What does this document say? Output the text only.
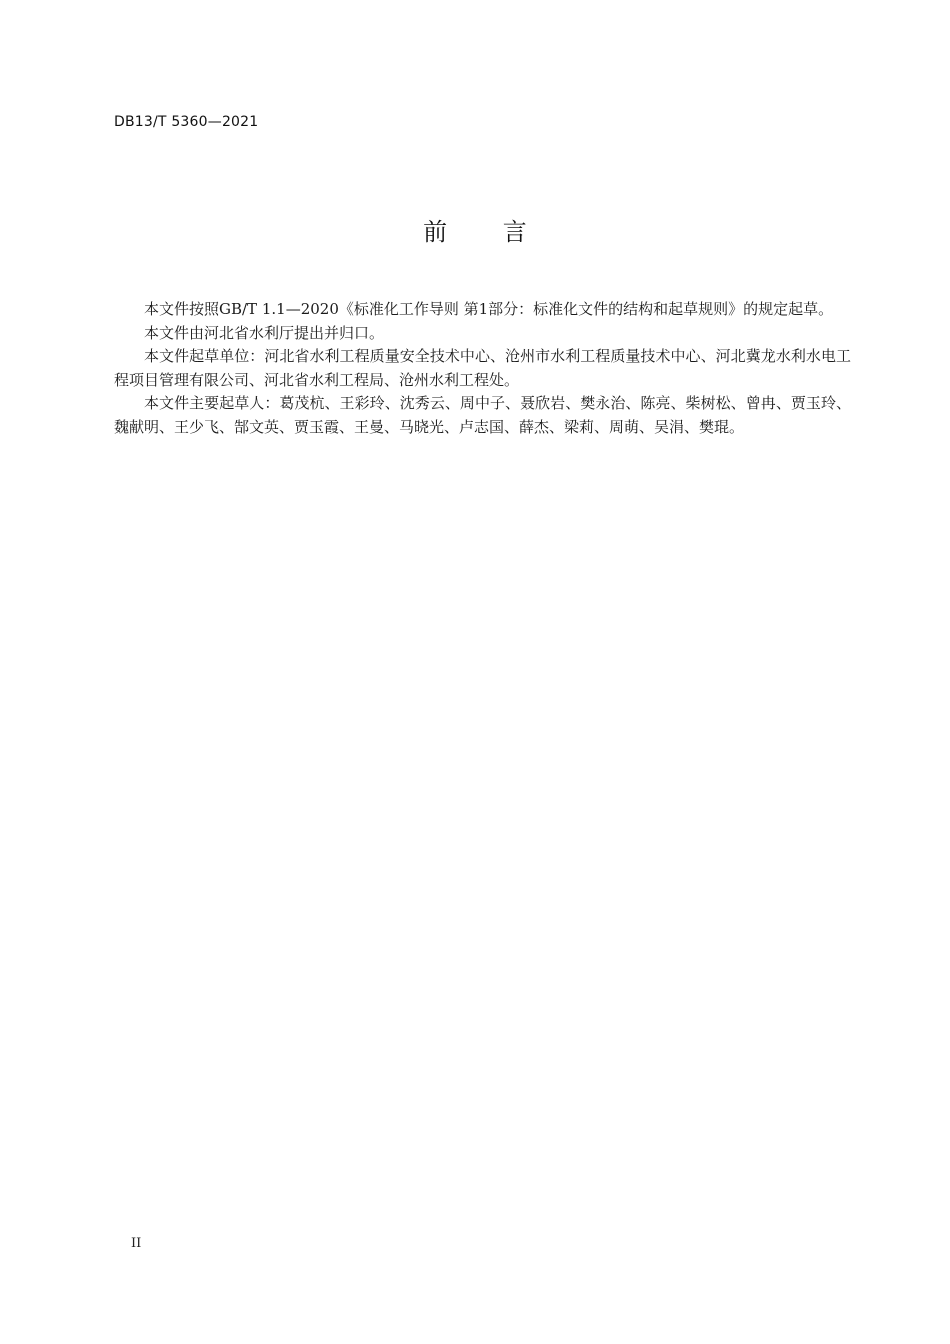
DB13/T 5360—2021
前 言

本文件按照GB/T 1.1—2020《标准化工作导则 第1部分：标准化文件的结构和起草规则》的规定起草。

本文件由河北省水利厅提出并归口。

本文件起草单位：河北省水利工程质量安全技术中心、沧州市水利工程质量技术中心、河北冀龙水利水电工程项目管理有限公司、河北省水利工程局、沧州水利工程处。

本文件主要起草人：葛茂杭、王彩玲、沈秀云、周中子、聂欣岩、樊永治、陈亮、柴树松、曾冉、贾玉玲、魏献明、王少飞、郜文英、贾玉霞、王曼、马晓光、卢志国、薛杰、梁莉、周萌、吴涓、樊琨。

II
